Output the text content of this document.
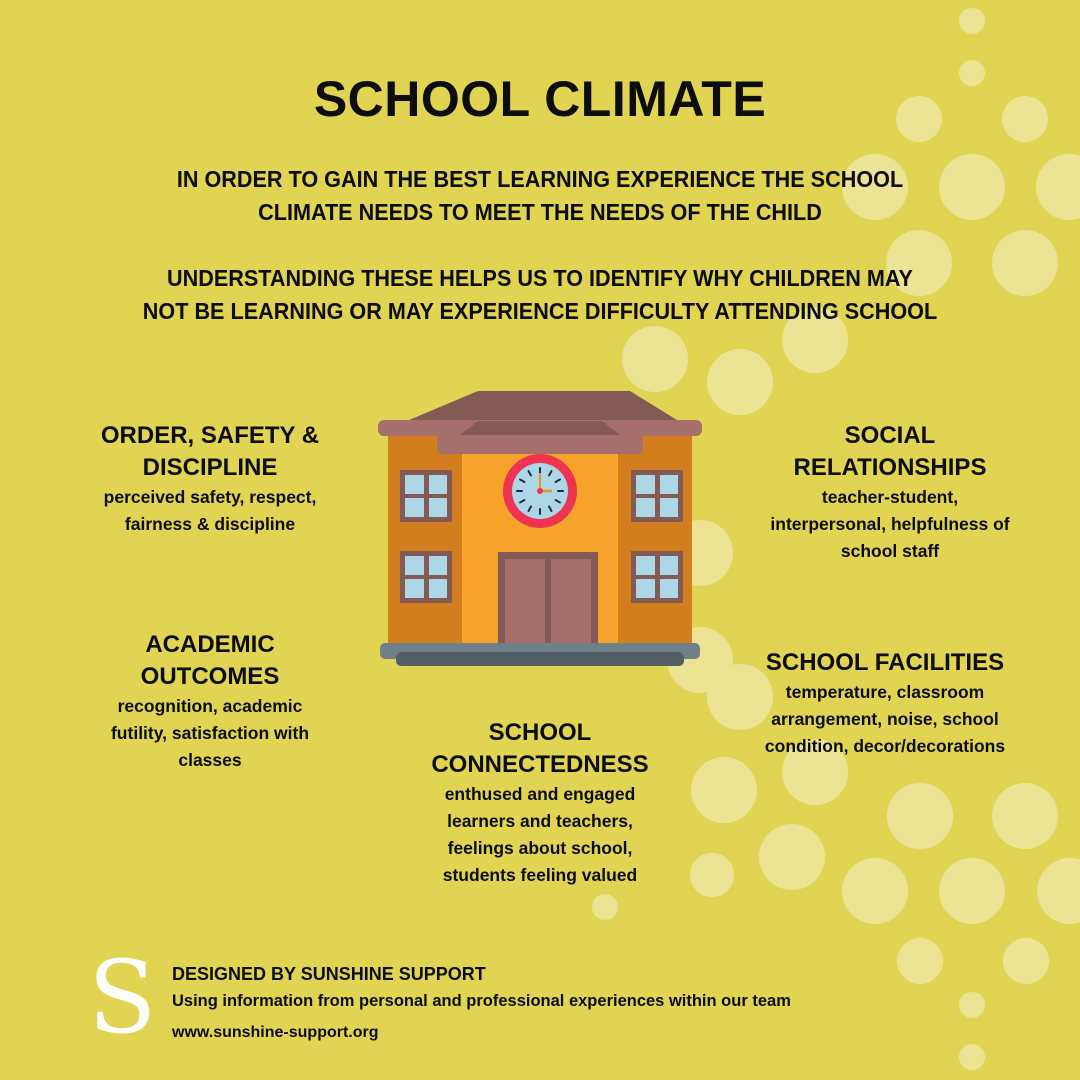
SCHOOL CLIMATE
IN ORDER TO GAIN THE BEST LEARNING EXPERIENCE THE SCHOOL
CLIMATE NEEDS TO MEET THE NEEDS OF THE CHILD
UNDERSTANDING THESE HELPS US TO IDENTIFY WHY CHILDREN MAY
NOT BE LEARNING OR MAY EXPERIENCE DIFFICULTY ATTENDING SCHOOL
ORDER, SAFETY &
DISCIPLINE

perceived safety, respect,
fairness & discipline

SOCIAL
RELATIONSHIPS

teacher-student,
interpersonal, helpfulness of
school staff

ACADEMIC
OUTCOMES

recognition, academic
futility, satisfaction with
classes

SCHOOL FACILITIES

temperature, classroom
arrangement, noise, school
condition, decor/decorations

SCHOOL
CONNECTEDNESS

enthused and engaged
learners and teachers,
feelings about school,
students feeling valued

S DESIGNED BY SUNSHINE SUPPORT
Using information from personal and professional experiences within our team
www.sunshine-support.org
